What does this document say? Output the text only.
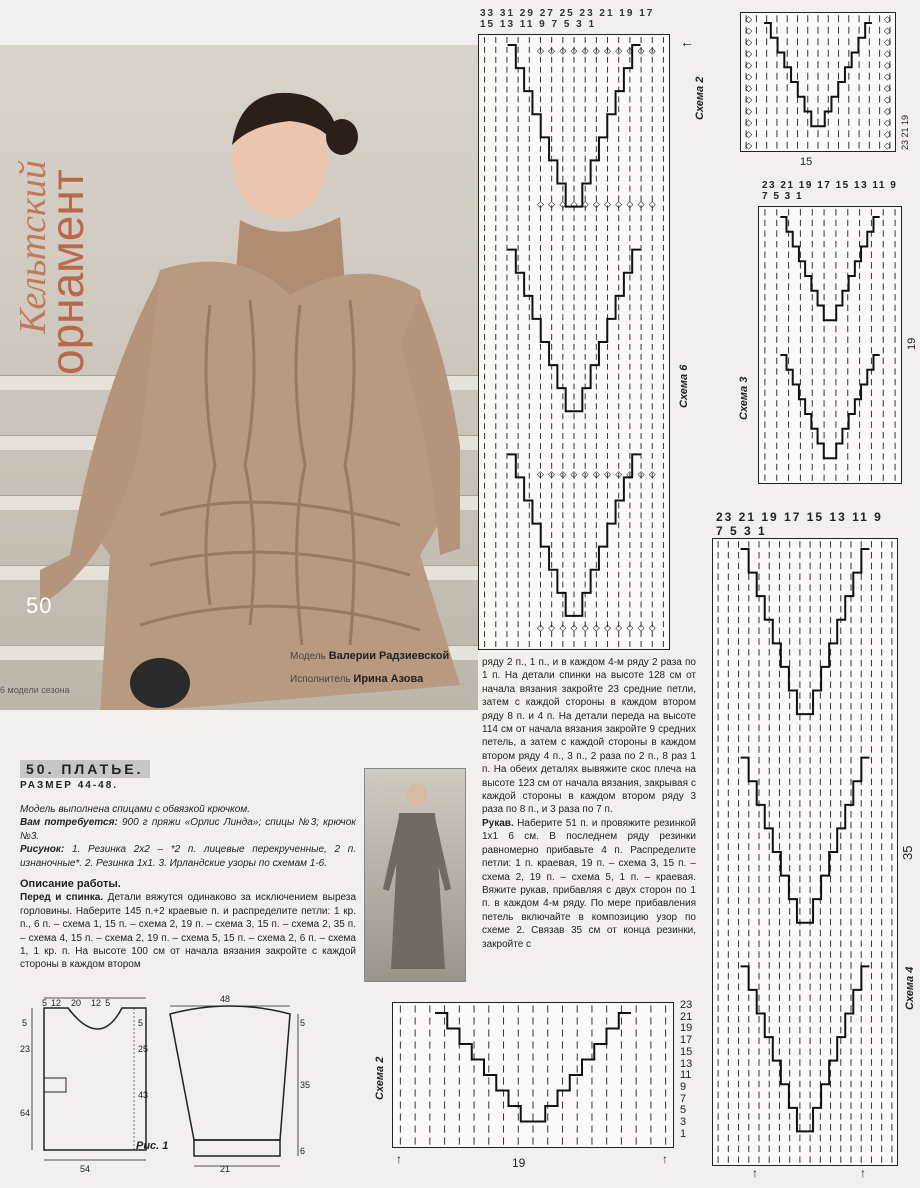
Кельтский
орнамент
50
6 модели сезона
Модель Валерии Радзиевской
Исполнитель Ирина Азова
33 31 29 27 25 23 21 19 17 15 13 11 9 7 5 3 1
◇ ◇ ◇ ◇ ◇ ◇ ◇ ◇ ◇ ◇ ◇
◇ ◇ ◇ ◇ ◇ ◇ ◇ ◇ ◇ ◇ ◇
◇ ◇ ◇ ◇ ◇ ◇ ◇ ◇ ◇ ◇ ◇
◇ ◇ ◇ ◇ ◇ ◇ ◇ ◇ ◇ ◇ ◇
←
Схема 6
◇
◇
◇
◇
◇
◇
◇
◇
◇
◇
◇
◇
◇
◇
◇
◇
◇
◇
◇
◇
◇
◇
◇
◇
Схема 2
15
23 21 19
23 21 19 17 15 13 11 9 7 5 3 1
Схема 3
19
23 21 19 17 15 13 11 9 7 5 3 1
35
Схема 4
↑	↑
23
21
19
17
15
13
11
9
7
5
3
1
Схема 2
19
↑	↑
50. ПЛАТЬЕ.
РАЗМЕР 44-48.

Модель выполнена спицами с обвязкой крючком.

Вам потребуется: 900 г пряжи «Орлис Линда»; спицы №3; крючок №3.

Рисунок: 1. Резинка 2х2 – *2 п. лицевые перекрученные, 2 п. изнаночные*. 2. Резинка 1х1. 3. Ирландские узоры по схемам 1-6.

Описание работы.

Перед и спинка. Детали вяжутся одинаково за исключением выреза горловины. Наберите 145 п.+2 краевые п. и распределите петли: 1 кр. п., 6 п. – схема 1, 15 п. – схема 2, 19 п. – схема 3, 15 п. – схема 2, 35 п. – схема 4, 15 п. – схема 2, 19 п. – схема 5, 15 п. – схема 2, 6 п. – схема 1, 1 кр. п. На высоте 100 см от начала вязания закройте с каждой стороны в каждом втором

ряду 2 п., 1 п., и в каждом 4-м ряду 2 раза по 1 п. На детали спинки на высоте 128 см от начала вязания закройте 23 средние петли, затем с каждой стороны в каждом втором ряду 8 п. и 4 п. На детали переда на высоте 114 см от начала вязания закройте 9 средних петель, а затем с каждой стороны в каждом втором ряду 4 п., 3 п., 2 раза по 2 п., 8 раз 1 п. На обеих деталях вывяжите скос плеча на высоте 123 см от начала вязания, закрывая с каждой стороны в каждом втором ряду 3 раза по 8 п., и 3 раза по 7 п.

Рукав. Наберите 51 п. и провяжите резинкой 1х1 6 см. В последнем ряду резинки равномерно прибавьте 4 п. Распределите петли: 1 п. краевая, 19 п. – схема 3, 15 п. – схема 2, 19 п. – схема 5, 1 п. – краевая. Вяжите рукав, прибавляя с двух сторон по 1 п. в каждом 4-м ряду. По мере прибавления петель включайте в композицию узор по схеме 2. Связав 35 см от конца резинки, закройте с

5 12 20 12 5
5
23
64
5
25
43
54
48
5
35
6
21
Рис. 1
